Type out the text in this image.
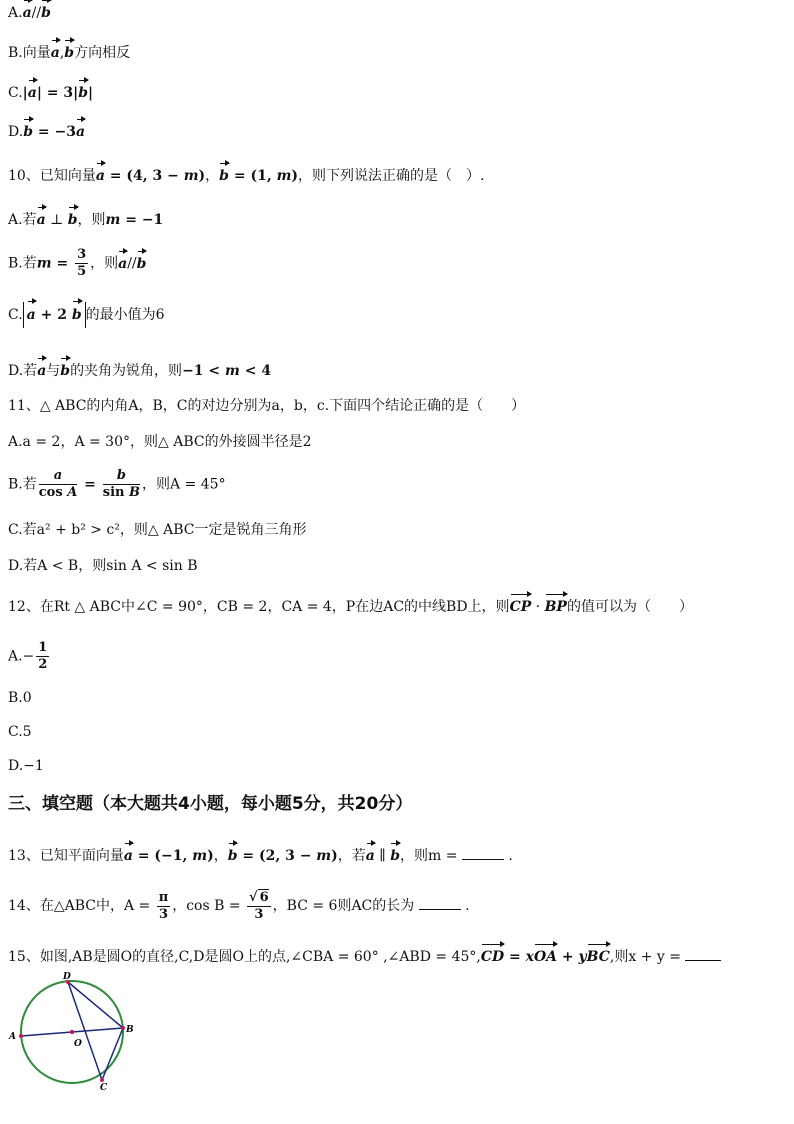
A.a//b
B.向量a,b方向相反
C.|a| = 3|b|
D.b = −3a
10、已知向量a = (4, 3 − m)，b = (1, m)，则下列说法正确的是（　）.
A.若a ⊥ b，则m = −1
B.若$m = \frac{3}{5}$ ，则a//b
C. a + 2 b 的最小值为6
D.若a与b的夹角为锐角，则−1 < m < 4
11、△ ABC的内角A，B，C的对边分别为a，b，c.下面四个结论正确的是（　　）
A.a = 2，A = 30°，则△ ABC的外接圆半径是2
B.若 $\frac{a}{\text{cos A}} = \frac{b}{\text{sin B}}$ ，则A = 45°
C.若a² + b² > c²，则△ ABC一定是锐角三角形
D.若A < B，则sin A < sin B
12、在Rt △ ABC中∠C = 90°，CB = 2，CA = 4，P在边AC的中线BD上，则CP · BP的值可以为（　　）
$A.- \frac{1}{2}$
B.0
C.5
D.−1
三、填空题（本大题共4小题，每小题5分，共20分）
13、已知平面向量a = (−1, m)，b = (2, 3 − m)，若a ∥ b，则m =	.
14、在△ABC中，$A = \frac{\pi}{3}$ ，$\cos B = \frac{√ 6}{3}$ ，BC = 6则AC的长为	.
15、如图,AB是圆O的直径,C,D是圆O上的点,∠CBA = 60° ,∠ABD = 45°,CD = xOA + yBC,则x + y =
D
A
O
B
C
